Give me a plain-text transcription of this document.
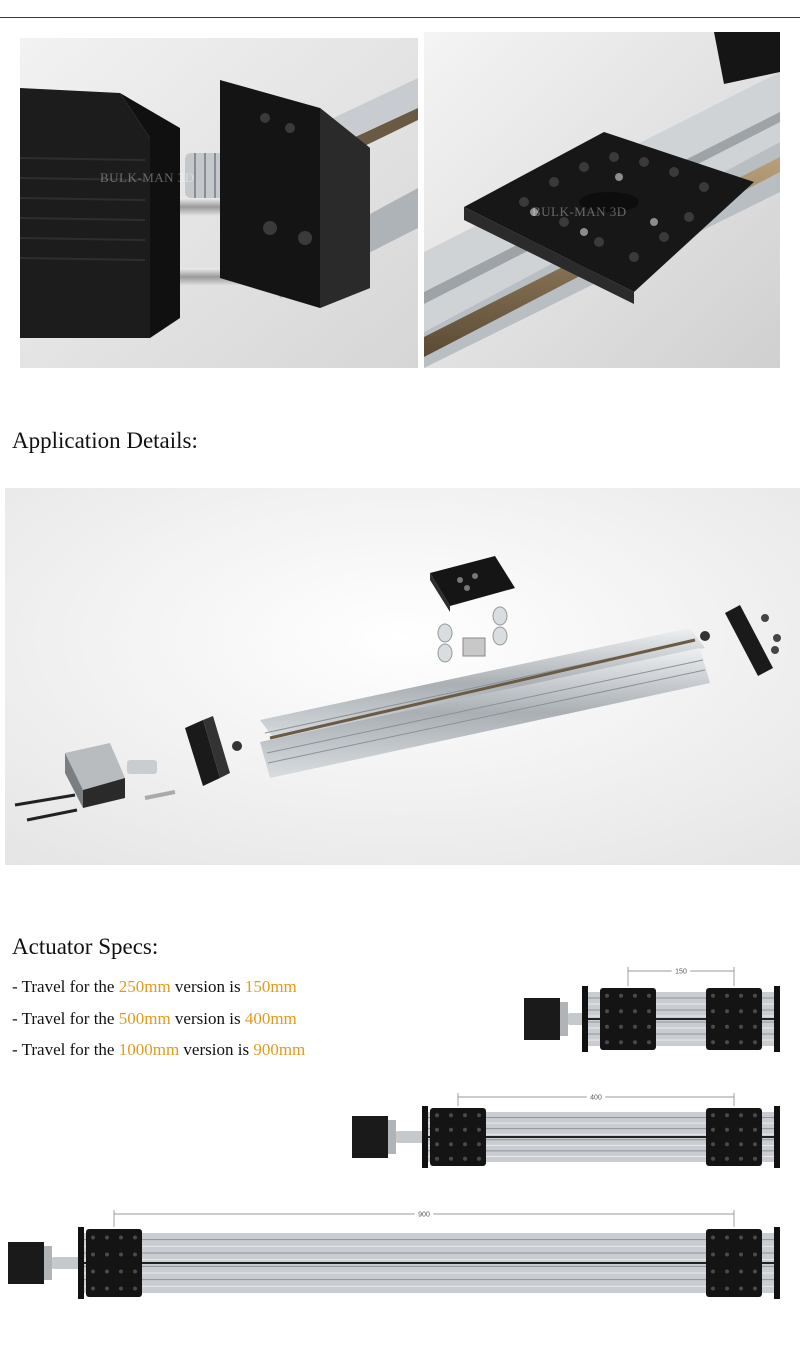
BULK-MAN 3D
BULK-MAN 3D
Application Details:
Actuator Specs:
- Travel for the 250mm version is 150mm
- Travel for the 500mm version is 400mm
- Travel for the 1000mm version is 900mm
150
400
900
